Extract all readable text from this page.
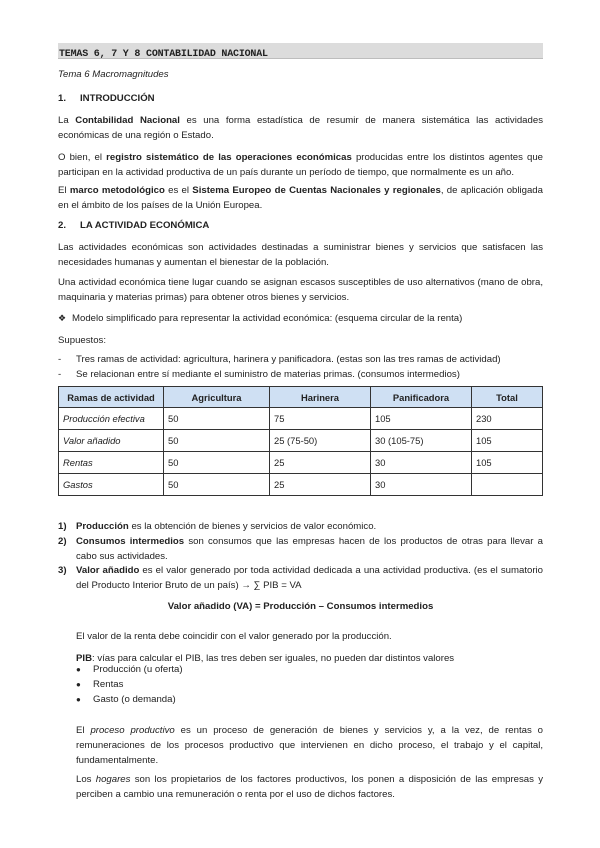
TEMAS 6, 7 Y 8 CONTABILIDAD NACIONAL

Tema 6 Macromagnitudes

1. INTRODUCCIÓN

La Contabilidad Nacional es una forma estadística de resumir de manera sistemática las actividades económicas de una región o Estado.

O bien, el registro sistemático de las operaciones económicas producidas entre los distintos agentes que participan en la actividad productiva de un país durante un período de tiempo, que normalmente es un año.

El marco metodológico es el Sistema Europeo de Cuentas Nacionales y regionales, de aplicación obligada en el ámbito de los países de la Unión Europea.

2. LA ACTIVIDAD ECONÓMICA

Las actividades económicas son actividades destinadas a suministrar bienes y servicios que satisfacen las necesidades humanas y aumentan el bienestar de la población.

Una actividad económica tiene lugar cuando se asignan escasos susceptibles de uso alternativos (mano de obra, maquinaria y materias primas) para obtener otros bienes y servicios.

❖ Modelo simplificado para representar la actividad económica: (esquema circular de la renta)

Supuestos:

- Tres ramas de actividad: agricultura, harinera y panificadora. (estas son las tres ramas de actividad)
- Se relacionan entre sí mediante el suministro de materias primas. (consumos intermedios)
Ramas de actividad	Agricultura	Harinera	Panificadora	Total
Producción efectiva	50	75	105	230
Valor añadido	50	25 (75-50)	30 (105-75)	105
Rentas	50	25	30	105
Gastos	50	25	30	
1) Producción es la obtención de bienes y servicios de valor económico.
2) Consumos intermedios son consumos que las empresas hacen de los productos de otras para llevar a cabo sus actividades.
3) Valor añadido es el valor generado por toda actividad dedicada a una actividad productiva. (es el sumatorio del Producto Interior Bruto de un país) → ∑ PIB = VA
Valor añadido (VA) = Producción – Consumos intermedios

El valor de la renta debe coincidir con el valor generado por la producción.

PIB: vías para calcular el PIB, las tres deben ser iguales, no pueden dar distintos valores

● Producción (u oferta)
● Rentas
● Gasto (o demanda)

El proceso productivo es un proceso de generación de bienes y servicios y, a la vez, de rentas o remuneraciones de los procesos productivo que intervienen en dicho proceso, el trabajo y el capital, fundamentalmente.

Los hogares son los propietarios de los factores productivos, los ponen a disposición de las empresas y perciben a cambio una remuneración o renta por el uso de dichos factores.
